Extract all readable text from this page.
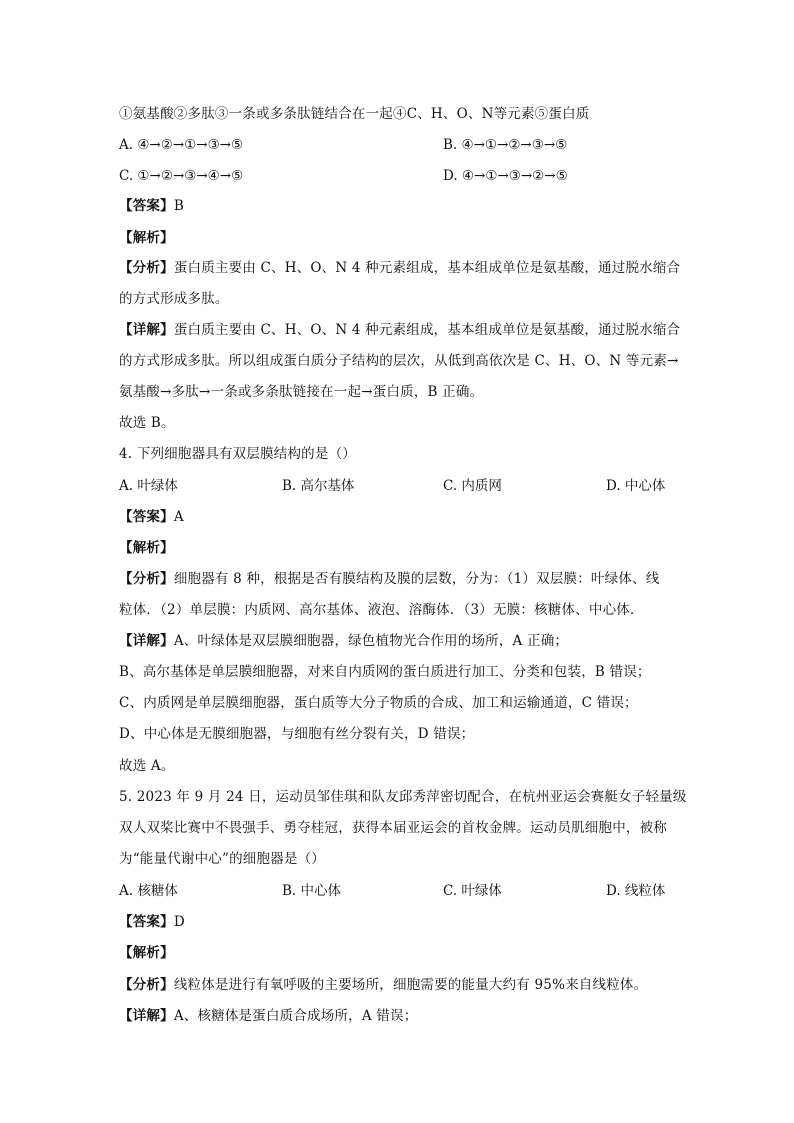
①氨基酸②多肽③一条或多条肽链结合在一起④C、H、O、N等元素⑤蛋白质
A. ④→②→①→③→⑤	B. ④→①→②→③→⑤
C. ①→②→③→④→⑤	D. ④→①→③→②→⑤
【答案】B
【解析】
【分析】蛋白质主要由 C、H、O、N 4 种元素组成，基本组成单位是氨基酸，通过脱水缩合
的方式形成多肽。
【详解】蛋白质主要由 C、H、O、N 4 种元素组成，基本组成单位是氨基酸，通过脱水缩合
的方式形成多肽。所以组成蛋白质分子结构的层次，从低到高依次是 C、H、O、N 等元素→
氨基酸→多肽→一条或多条肽链接在一起→蛋白质，B 正确。
故选 B。
4. 下列细胞器具有双层膜结构的是（）
A. 叶绿体	B. 高尔基体	C. 内质网	D. 中心体
【答案】A
【解析】
【分析】细胞器有 8 种，根据是否有膜结构及膜的层数，分为：（1）双层膜：叶绿体、线
粒体．（2）单层膜：内质网、高尔基体、液泡、溶酶体．（3）无膜：核糖体、中心体．
【详解】A、叶绿体是双层膜细胞器，绿色植物光合作用的场所，A 正确；
B、高尔基体是单层膜细胞器，对来自内质网的蛋白质进行加工、分类和包装，B 错误；
C、内质网是单层膜细胞器，蛋白质等大分子物质的合成、加工和运输通道，C 错误；
D、中心体是无膜细胞器，与细胞有丝分裂有关，D 错误；
故选 A。
5. 2023 年 9 月 24 日，运动员邹佳琪和队友邱秀萍密切配合，在杭州亚运会赛艇女子轻量级
双人双桨比赛中不畏强手、勇夺桂冠，获得本届亚运会的首枚金牌。运动员肌细胞中，被称
为“能量代谢中心”的细胞器是（）
A. 核糖体	B. 中心体	C. 叶绿体	D. 线粒体
【答案】D
【解析】
【分析】线粒体是进行有氧呼吸的主要场所，细胞需要的能量大约有 95%来自线粒体。
【详解】A、核糖体是蛋白质合成场所，A 错误；
